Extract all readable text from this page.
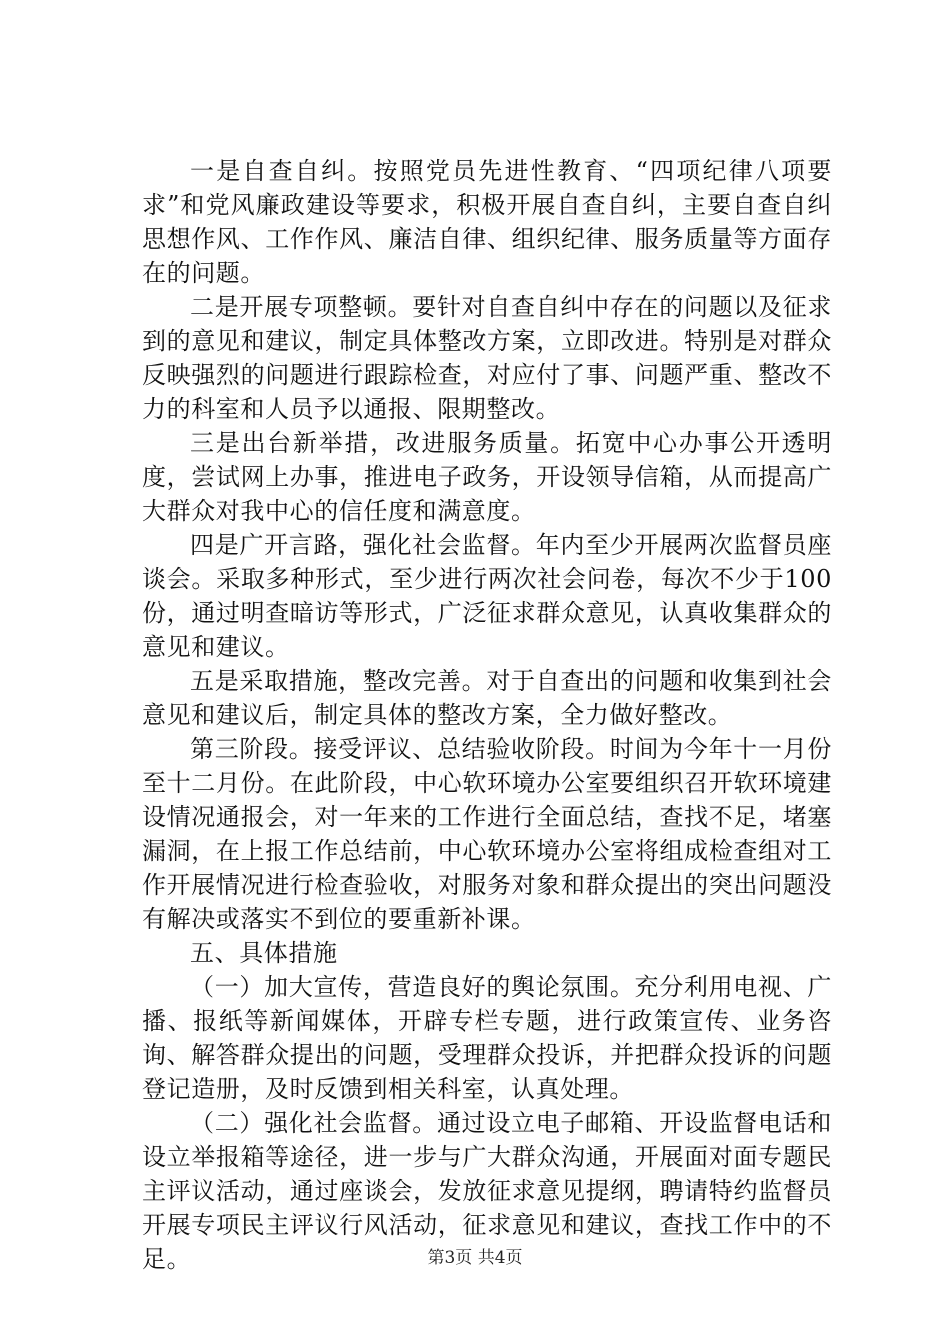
一是自查自纠。按照党员先进性教育、“四项纪律八项要求”和党风廉政建设等要求，积极开展自查自纠，主要自查自纠思想作风、工作作风、廉洁自律、组织纪律、服务质量等方面存在的问题。

二是开展专项整顿。要针对自查自纠中存在的问题以及征求到的意见和建议，制定具体整改方案，立即改进。特别是对群众反映强烈的问题进行跟踪检查，对应付了事、问题严重、整改不力的科室和人员予以通报、限期整改。

三是出台新举措，改进服务质量。拓宽中心办事公开透明度，尝试网上办事，推进电子政务，开设领导信箱，从而提高广大群众对我中心的信任度和满意度。

四是广开言路，强化社会监督。年内至少开展两次监督员座谈会。采取多种形式，至少进行两次社会问卷，每次不少于100份，通过明查暗访等形式，广泛征求群众意见，认真收集群众的意见和建议。

五是采取措施，整改完善。对于自查出的问题和收集到社会意见和建议后，制定具体的整改方案，全力做好整改。

第三阶段。接受评议、总结验收阶段。时间为今年十一月份至十二月份。在此阶段，中心软环境办公室要组织召开软环境建设情况通报会，对一年来的工作进行全面总结，查找不足，堵塞漏洞，在上报工作总结前，中心软环境办公室将组成检查组对工作开展情况进行检查验收，对服务对象和群众提出的突出问题没有解决或落实不到位的要重新补课。

五、具体措施

（一）加大宣传，营造良好的舆论氛围。充分利用电视、广播、报纸等新闻媒体，开辟专栏专题，进行政策宣传、业务咨询、解答群众提出的问题，受理群众投诉，并把群众投诉的问题登记造册，及时反馈到相关科室，认真处理。

（二）强化社会监督。通过设立电子邮箱、开设监督电话和设立举报箱等途径，进一步与广大群众沟通，开展面对面专题民主评议活动，通过座谈会，发放征求意见提纲，聘请特约监督员开展专项民主评议行风活动，征求意见和建议，查找工作中的不足。	第3页 共4页
